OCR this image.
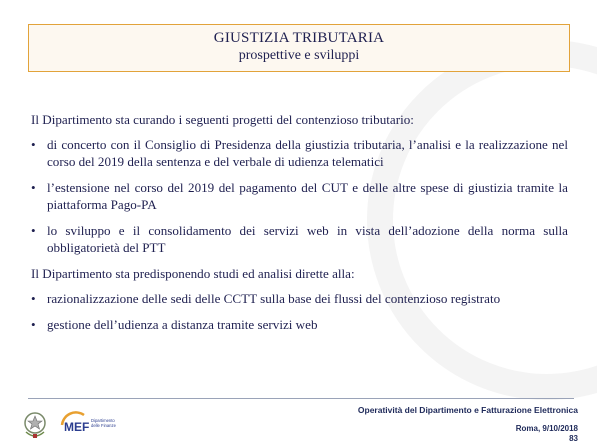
GIUSTIZIA TRIBUTARIA
prospettive e sviluppi

Il Dipartimento sta curando i seguenti progetti del contenzioso tributario:

• di concerto con il Consiglio di Presidenza della giustizia tributaria, l’analisi e la realizzazione nel corso del 2019 della sentenza e del verbale di udienza telematici
• l’estensione nel corso del 2019 del pagamento del CUT e delle altre spese di giustizia tramite la piattaforma Pago-PA
• lo sviluppo e il consolidamento dei servizi web in vista dell’adozione della norma sulla obbligatorietà del PTT

Il Dipartimento sta predisponendo studi ed analisi dirette alla:

• razionalizzazione delle sedi delle CCTT sulla base dei flussi del contenzioso registrato
• gestione dell’udienza a distanza tramite servizi web
MEF Dipartimento
delle Finanze
Operatività del Dipartimento e Fatturazione Elettronica
Roma, 9/10/2018
83
